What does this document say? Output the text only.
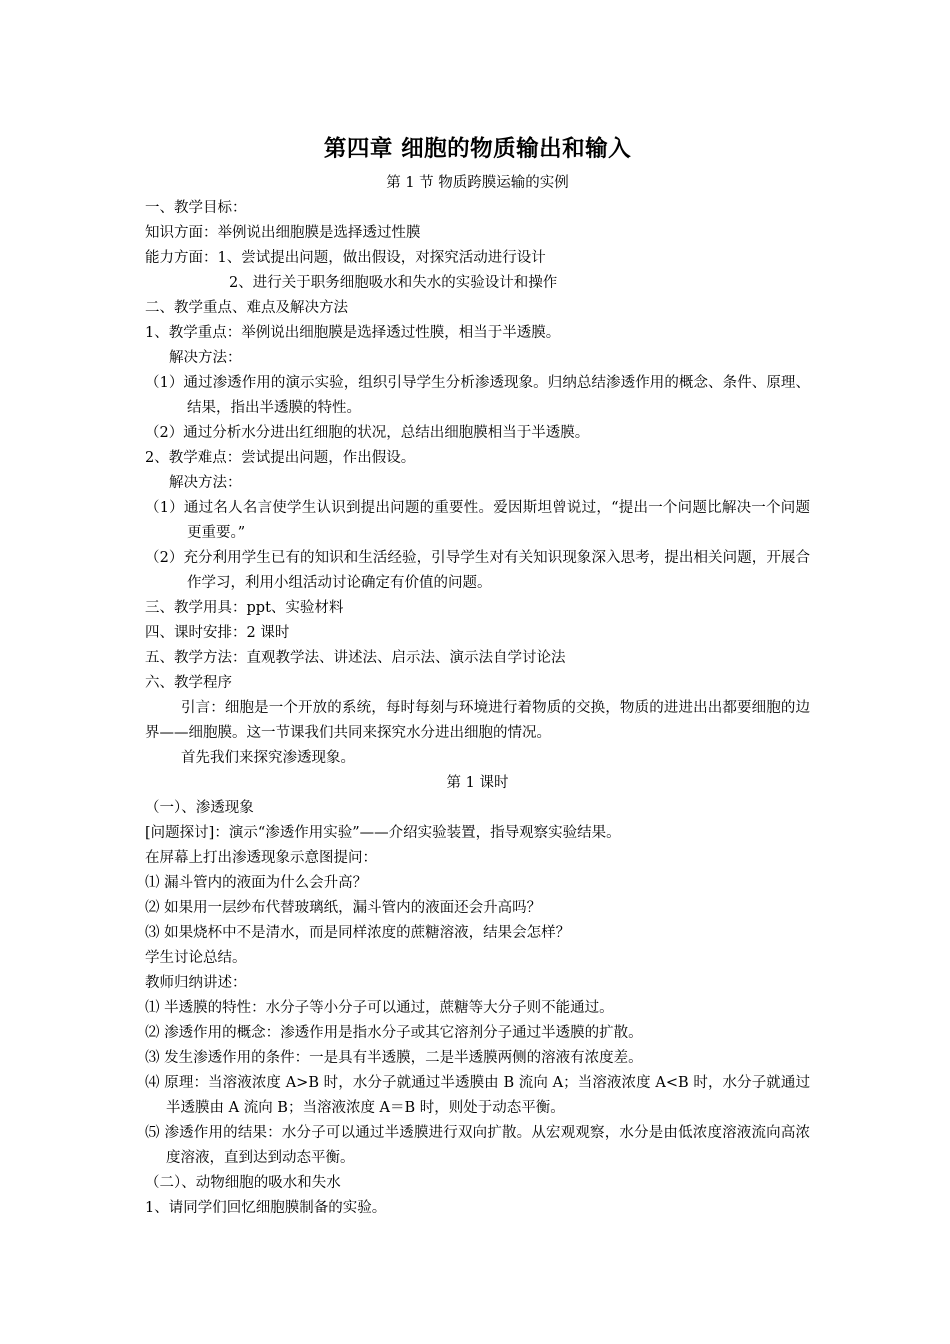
第四章 细胞的物质输出和输入
第 1 节 物质跨膜运输的实例
一、教学目标：
知识方面：举例说出细胞膜是选择透过性膜
能力方面：1、尝试提出问题，做出假设，对探究活动进行设计
2、进行关于职务细胞吸水和失水的实验设计和操作
二、教学重点、难点及解决方法
1、教学重点：举例说出细胞膜是选择透过性膜，相当于半透膜。
解决方法：

（1）通过渗透作用的演示实验，组织引导学生分析渗透现象。归纳总结渗透作用的概念、条件、原理、结果，指出半透膜的特性。

（2）通过分析水分进出红细胞的状况，总结出细胞膜相当于半透膜。
2、教学难点：尝试提出问题，作出假设。
解决方法：

（1）通过名人名言使学生认识到提出问题的重要性。爱因斯坦曾说过，“提出一个问题比解决一个问题更重要。”

（2）充分利用学生已有的知识和生活经验，引导学生对有关知识现象深入思考，提出相关问题，开展合作学习，利用小组活动讨论确定有价值的问题。

三、教学用具：ppt、实验材料
四、课时安排：2 课时
五、教学方法：直观教学法、讲述法、启示法、演示法自学讨论法
六、教学程序

引言：细胞是一个开放的系统，每时每刻与环境进行着物质的交换，物质的进进出出都要细胞的边界——细胞膜。这一节课我们共同来探究水分进出细胞的情况。

首先我们来探究渗透现象。

第 1 课时
（一）、渗透现象
[问题探讨]：演示“渗透作用实验”——介绍实验装置，指导观察实验结果。
在屏幕上打出渗透现象示意图提问：
⑴ 漏斗管内的液面为什么会升高？
⑵ 如果用一层纱布代替玻璃纸，漏斗管内的液面还会升高吗？
⑶ 如果烧杯中不是清水，而是同样浓度的蔗糖溶液，结果会怎样？
学生讨论总结。
教师归纳讲述：
⑴ 半透膜的特性：水分子等小分子可以通过，蔗糖等大分子则不能通过。
⑵ 渗透作用的概念：渗透作用是指水分子或其它溶剂分子通过半透膜的扩散。
⑶ 发生渗透作用的条件：一是具有半透膜，二是半透膜两侧的溶液有浓度差。

⑷ 原理：当溶液浓度 A>B 时，水分子就通过半透膜由 B 流向 A；当溶液浓度 A<B 时，水分子就通过半透膜由 A 流向 B；当溶液浓度 A＝B 时，则处于动态平衡。

⑸ 渗透作用的结果：水分子可以通过半透膜进行双向扩散。从宏观观察，水分是由低浓度溶液流向高浓度溶液，直到达到动态平衡。

（二）、动物细胞的吸水和失水
1、请同学们回忆细胞膜制备的实验。
